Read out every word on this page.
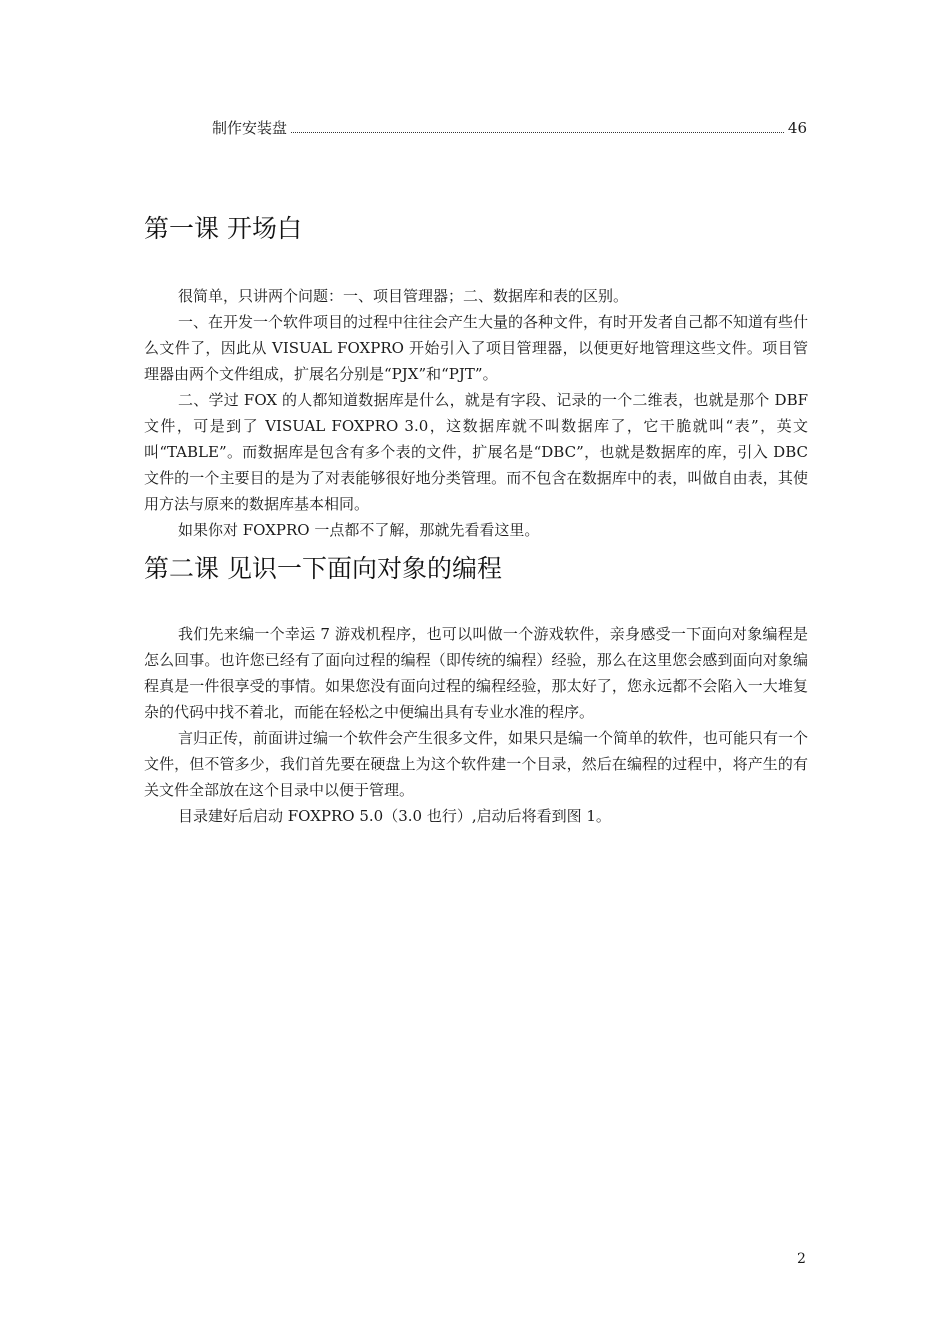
制作安装盘	46
第一课 开场白

很简单，只讲两个问题：一、项目管理器；二、数据库和表的区别。

一、在开发一个软件项目的过程中往往会产生大量的各种文件，有时开发者自己都不知道有些什么文件了，因此从 VISUAL FOXPRO 开始引入了项目管理器，以便更好地管理这些文件。项目管理器由两个文件组成，扩展名分别是“PJX”和“PJT”。

二、学过 FOX 的人都知道数据库是什么，就是有字段、记录的一个二维表，也就是那个 DBF 文件，可是到了 VISUAL FOXPRO 3.0，这数据库就不叫数据库了，它干脆就叫“表”，英文叫“TABLE”。而数据库是包含有多个表的文件，扩展名是“DBC”，也就是数据库的库，引入 DBC 文件的一个主要目的是为了对表能够很好地分类管理。而不包含在数据库中的表，叫做自由表，其使用方法与原来的数据库基本相同。

如果你对 FOXPRO 一点都不了解，那就先看看这里。

第二课 见识一下面向对象的编程

我们先来编一个幸运 7 游戏机程序，也可以叫做一个游戏软件，亲身感受一下面向对象编程是怎么回事。也许您已经有了面向过程的编程（即传统的编程）经验，那么在这里您会感到面向对象编程真是一件很享受的事情。如果您没有面向过程的编程经验，那太好了，您永远都不会陷入一大堆复杂的代码中找不着北，而能在轻松之中便编出具有专业水准的程序。

言归正传，前面讲过编一个软件会产生很多文件，如果只是编一个简单的软件，也可能只有一个文件，但不管多少，我们首先要在硬盘上为这个软件建一个目录，然后在编程的过程中，将产生的有关文件全部放在这个目录中以便于管理。

目录建好后启动 FOXPRO 5.0（3.0 也行）,启动后将看到图 1。

2
